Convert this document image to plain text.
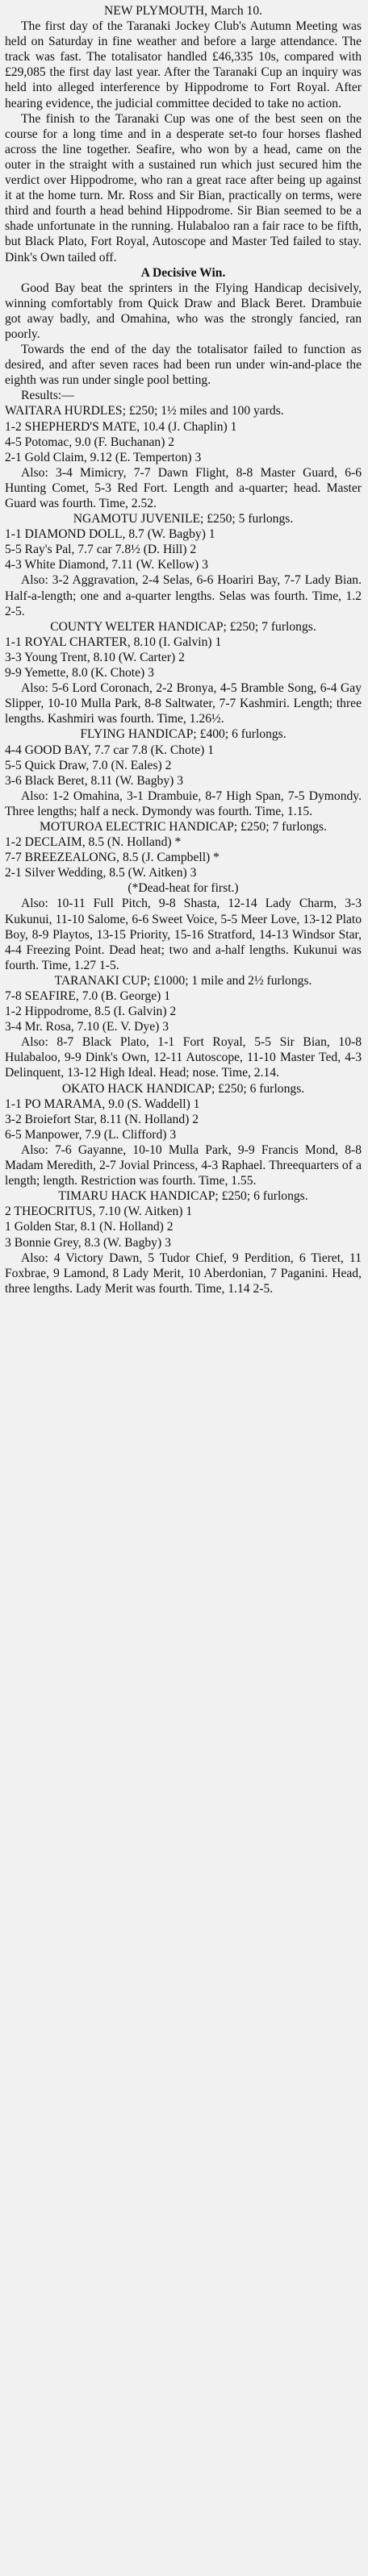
NEW PLYMOUTH, March 10.

The first day of the Taranaki Jockey Club's Autumn Meeting was held on Saturday in fine weather and before a large attendance. The track was fast. The totalisator handled £46,335 10s, compared with £29,085 the first day last year. After the Taranaki Cup an inquiry was held into alleged interference by Hippodrome to Fort Royal. After hearing evidence, the judicial committee decided to take no action.

The finish to the Taranaki Cup was one of the best seen on the course for a long time and in a desperate set-to four horses flashed across the line together. Seafire, who won by a head, came on the outer in the straight with a sustained run which just secured him the verdict over Hippodrome, who ran a great race after being up against it at the home turn. Mr. Ross and Sir Bian, practically on terms, were third and fourth a head behind Hippodrome. Sir Bian seemed to be a shade unfortunate in the running. Hulabaloo ran a fair race to be fifth, but Black Plato, Fort Royal, Autoscope and Master Ted failed to stay. Dink's Own tailed off.

A Decisive Win.

Good Bay beat the sprinters in the Flying Handicap decisively, winning comfortably from Quick Draw and Black Beret. Drambuie got away badly, and Omahina, who was the strongly fancied, ran poorly.

Towards the end of the day the totalisator failed to function as desired, and after seven races had been run under win-and-place the eighth was run under single pool betting.

Results:—

WAITARA HURDLES; £250; 1½ miles and 100 yards.

1-2 SHEPHERD'S MATE, 10.4 (J. Chaplin) 1

4-5 Potomac, 9.0 (F. Buchanan) 2

2-1 Gold Claim, 9.12 (E. Temperton) 3

Also: 3-4 Mimicry, 7-7 Dawn Flight, 8-8 Master Guard, 6-6 Hunting Comet, 5-3 Red Fort. Length and a-quarter; head. Master Guard was fourth. Time, 2.52.

NGAMOTU JUVENILE; £250; 5 furlongs.

1-1 DIAMOND DOLL, 8.7 (W. Bagby) 1

5-5 Ray's Pal, 7.7 car 7.8½ (D. Hill) 2

4-3 White Diamond, 7.11 (W. Kellow) 3

Also: 3-2 Aggravation, 2-4 Selas, 6-6 Hoariri Bay, 7-7 Lady Bian. Half-a-length; one and a-quarter lengths. Selas was fourth. Time, 1.2 2-5.

COUNTY WELTER HANDICAP; £250; 7 furlongs.

1-1 ROYAL CHARTER, 8.10 (I. Galvin) 1

3-3 Young Trent, 8.10 (W. Carter) 2

9-9 Yemette, 8.0 (K. Chote) 3

Also: 5-6 Lord Coronach, 2-2 Bronya, 4-5 Bramble Song, 6-4 Gay Slipper, 10-10 Mulla Park, 8-8 Saltwater, 7-7 Kashmiri. Length; three lengths. Kashmiri was fourth. Time, 1.26½.

FLYING HANDICAP; £400; 6 furlongs.

4-4 GOOD BAY, 7.7 car 7.8 (K. Chote) 1

5-5 Quick Draw, 7.0 (N. Eales) 2

3-6 Black Beret, 8.11 (W. Bagby) 3

Also: 1-2 Omahina, 3-1 Drambuie, 8-7 High Span, 7-5 Dymondy. Three lengths; half a neck. Dymondy was fourth. Time, 1.15.

MOTUROA ELECTRIC HANDICAP; £250; 7 furlongs.

1-2 DECLAIM, 8.5 (N. Holland) *

7-7 BREEZEALONG, 8.5 (J. Campbell) *

2-1 Silver Wedding, 8.5 (W. Aitken) 3

(*Dead-heat for first.)

Also: 10-11 Full Pitch, 9-8 Shasta, 12-14 Lady Charm, 3-3 Kukunui, 11-10 Salome, 6-6 Sweet Voice, 5-5 Meer Love, 13-12 Plato Boy, 8-9 Playtos, 13-15 Priority, 15-16 Stratford, 14-13 Windsor Star, 4-4 Freezing Point. Dead heat; two and a-half lengths. Kukunui was fourth. Time, 1.27 1-5.

TARANAKI CUP; £1000; 1 mile and 2½ furlongs.

7-8 SEAFIRE, 7.0 (B. George) 1

1-2 Hippodrome, 8.5 (I. Galvin) 2

3-4 Mr. Rosa, 7.10 (E. V. Dye) 3

Also: 8-7 Black Plato, 1-1 Fort Royal, 5-5 Sir Bian, 10-8 Hulabaloo, 9-9 Dink's Own, 12-11 Autoscope, 11-10 Master Ted, 4-3 Delinquent, 13-12 High Ideal. Head; nose. Time, 2.14.

OKATO HACK HANDICAP; £250; 6 furlongs.

1-1 PO MARAMA, 9.0 (S. Waddell) 1

3-2 Broiefort Star, 8.11 (N. Holland) 2

6-5 Manpower, 7.9 (L. Clifford) 3

Also: 7-6 Gayanne, 10-10 Mulla Park, 9-9 Francis Mond, 8-8 Madam Meredith, 2-7 Jovial Princess, 4-3 Raphael. Threequarters of a length; length. Restriction was fourth. Time, 1.55.

TIMARU HACK HANDICAP; £250; 6 furlongs.

2 THEOCRITUS, 7.10 (W. Aitken) 1

1 Golden Star, 8.1 (N. Holland) 2

3 Bonnie Grey, 8.3 (W. Bagby) 3

Also: 4 Victory Dawn, 5 Tudor Chief, 9 Perdition, 6 Tieret, 11 Foxbrae, 9 Lamond, 8 Lady Merit, 10 Aberdonian, 7 Paganini. Head, three lengths. Lady Merit was fourth. Time, 1.14 2-5.
